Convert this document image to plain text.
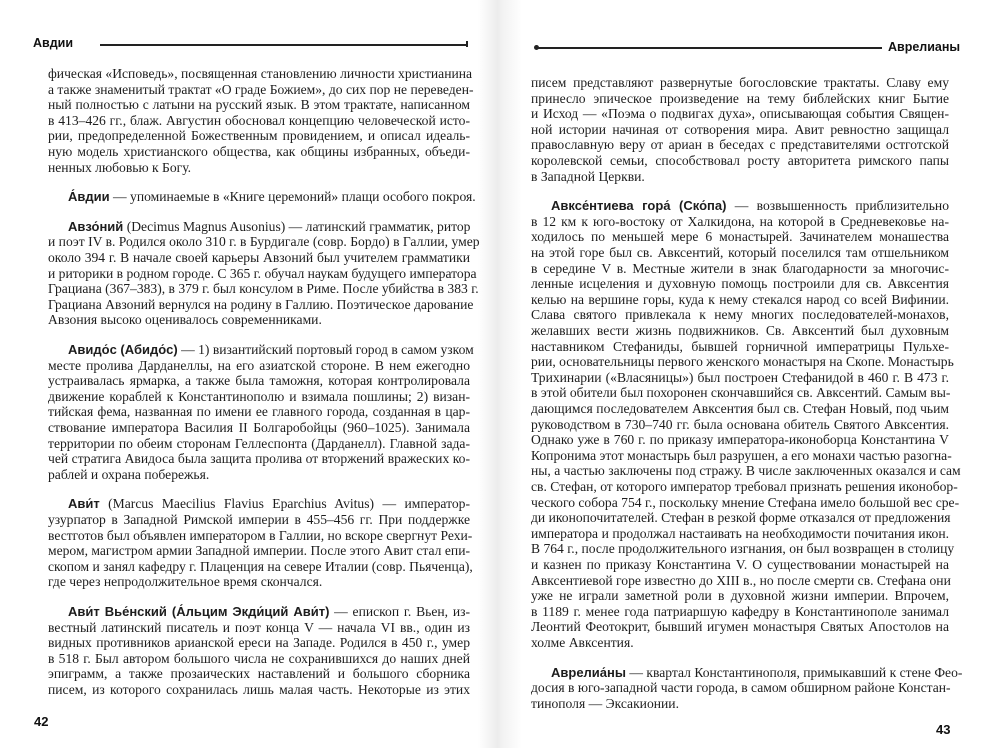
Авдии
фическая «Исповедь», посвященная становлению личности христианина
а также знаменитый трактат «О граде Божием», до сих пор не переведен-
ный полностью с латыни на русский язык. В этом трактате, написанном
в 413–426 гг., блаж. Августин обосновал концепцию человеческой исто-
рии, предопределенной Божественным провидением, и описал идеаль-
ную модель христианского общества, как общины избранных, объеди-
ненных любовью к Богу.
А́вдии — упоминаемые в «Книге церемоний» плащи особого покроя.
Авзо́ний (Decimus Magnus Ausonius) — латинский грамматик, ритор
и поэт IV в. Родился около 310 г. в Бурдигале (совр. Бордо) в Галлии, умер
около 394 г. В начале своей карьеры Авзоний был учителем грамматики
и риторики в родном городе. С 365 г. обучал наукам будущего императора
Грациана (367–383), в 379 г. был консулом в Риме. После убийства в 383 г.
Грациана Авзоний вернулся на родину в Галлию. Поэтическое дарование
Авзония высоко оценивалось современниками.
Авидо́с (Абидо́с) — 1) византийский портовый город в самом узком
месте пролива Дарданеллы, на его азиатской стороне. В нем ежегодно
устраивалась ярмарка, а также была таможня, которая контролировала
движение кораблей к Константинополю и взимала пошлины; 2) визан-
тийская фема, названная по имени ее главного города, созданная в цар-
ствование императора Василия II Болгаробойцы (960–1025). Занимала
территории по обеим сторонам Геллеспонта (Дарданелл). Главной зада-
чей стратига Авидоса была защита пролива от вторжений вражеских ко-
раблей и охрана побережья.
Ави́т (Marcus Maecilius Flavius Eparchius Avitus) — император-
узурпатор в Западной Римской империи в 455–456 гг. При поддержке
вестготов был объявлен императором в Галлии, но вскоре свергнут Рехи-
мером, магистром армии Западной империи. После этого Авит стал епи-
скопом и занял кафедру г. Плаценция на севере Италии (совр. Пьяченца),
где через непродолжительное время скончался.
Ави́т Вье́нский (А́льцим Экди́ций Ави́т) — епископ г. Вьен, из-
вестный латинский писатель и поэт конца V — начала VI вв., один из
видных противников арианской ереси на Западе. Родился в 450 г., умер
в 518 г. Был автором большого числа не сохранившихся до наших дней
эпиграмм, а также прозаических наставлений и большого сборника
писем, из которого сохранилась лишь малая часть. Некоторые из этих
42
Аврелианы
писем представляют развернутые богословские трактаты. Славу ему
принесло эпическое произведение на тему библейских книг Бытие
и Исход — «Поэма о подвигах духа», описывающая события Священ-
ной истории начиная от сотворения мира. Авит ревностно защищал
православную веру от ариан в беседах с представителями остготской
королевской семьи, способствовал росту авторитета римского папы
в Западной Церкви.
Авксе́нтиева гора́ (Ско́па) — возвышенность приблизительно
в 12 км к юго-востоку от Халкидона, на которой в Средневековье на-
ходилось по меньшей мере 6 монастырей. Зачинателем монашества
на этой горе был св. Авксентий, который поселился там отшельником
в середине V в. Местные жители в знак благодарности за многочис-
ленные исцеления и духовную помощь построили для св. Авксентия
келью на вершине горы, куда к нему стекался народ со всей Вифинии.
Слава святого привлекала к нему многих последователей-монахов,
желавших вести жизнь подвижников. Св. Авксентий был духовным
наставником Стефаниды, бывшей горничной императрицы Пульхе-
рии, основательницы первого женского монастыря на Скопе. Монастырь
Трихинарии («Власяницы») был построен Стефанидой в 460 г. В 473 г.
в этой обители был похоронен скончавшийся св. Авксентий. Самым вы-
дающимся последователем Авксентия был св. Стефан Новый, под чьим
руководством в 730–740 гг. была основана обитель Святого Авксентия.
Однако уже в 760 г. по приказу императора-иконоборца Константина V
Копронима этот монастырь был разрушен, а его монахи частью разогна-
ны, а частью заключены под стражу. В числе заключенных оказался и сам
св. Стефан, от которого император требовал признать решения иконобор-
ческого собора 754 г., поскольку мнение Стефана имело большой вес сре-
ди иконопочитателей. Стефан в резкой форме отказался от предложения
императора и продолжал настаивать на необходимости почитания икон.
В 764 г., после продолжительного изгнания, он был возвращен в столицу
и казнен по приказу Константина V. О существовании монастырей на
Авксентиевой горе известно до XIII в., но после смерти св. Стефана они
уже не играли заметной роли в духовной жизни империи. Впрочем,
в 1189 г. менее года патриаршую кафедру в Константинополе занимал
Леонтий Феотокрит, бывший игумен монастыря Святых Апостолов на
холме Авксентия.
Аврелиа́ны — квартал Константинополя, примыкавший к стене Фео-
досия в юго-западной части города, в самом обширном районе Констан-
тинополя — Эксакионии.
43
